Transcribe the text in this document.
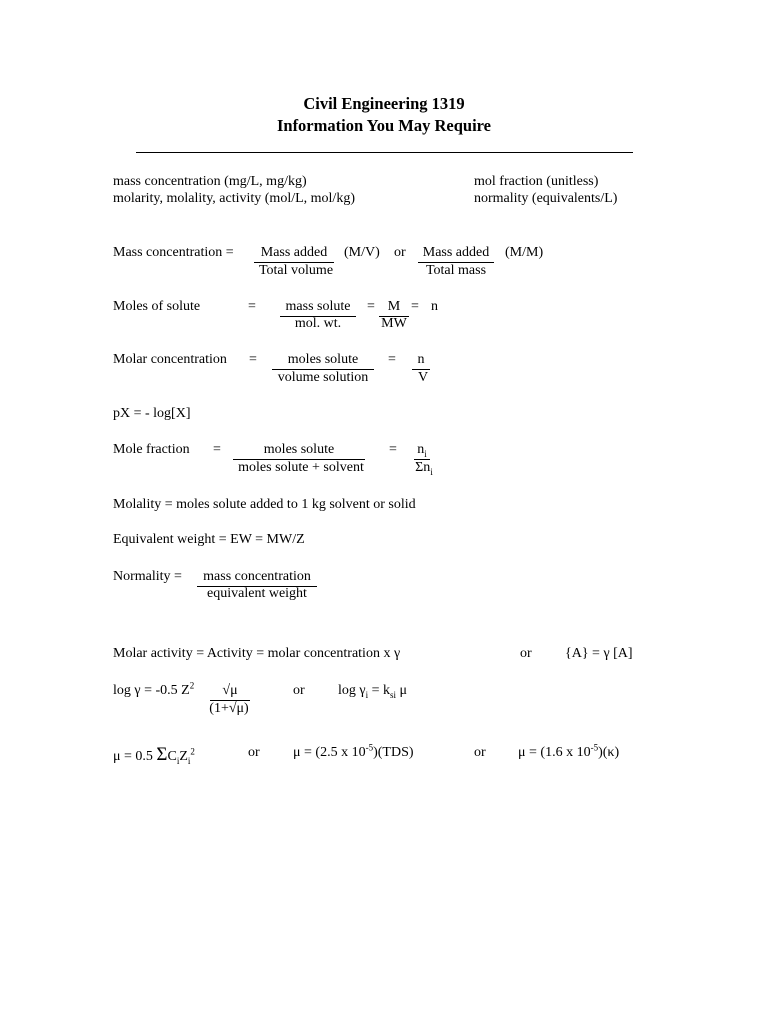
Civil Engineering 1319
Information You May Require
mass concentration (mg/L, mg/kg)
molarity, molality, activity (mol/L, mol/kg)
mol fraction (unitless)
normality (equivalents/L)
Mass concentration =	Mass added
Total volume
(M/V) or	Mass added
Total mass
(M/M)
Moles of solute	=	mass solute
mol. wt.
= M
MW
= n
Molar concentration =	moles solute
volume solution
=	n
V
pX = - log[X]
Mole fraction =	moles solute
moles solute + solvent
= $n_i$
$\Sigma n_i$
Molality = moles solute added to 1 kg solvent or solid
Equivalent weight = EW = MW/Z
Normality =	mass concentration
equivalent weight
Molar activity = Activity = molar concentration x γ	or {A} = γ [A]
log γ = -0.5 $Z^2$	√μ
(1+√μ)
or $\log \gamma_i = k_{si}$ μ
μ = 0.5 $\Sigma C_iZ_i^2$	or μ = (2.5 x $10^{-5})(TDS)$	or μ = (1.6 x $10^{-5})(\kappa)$
